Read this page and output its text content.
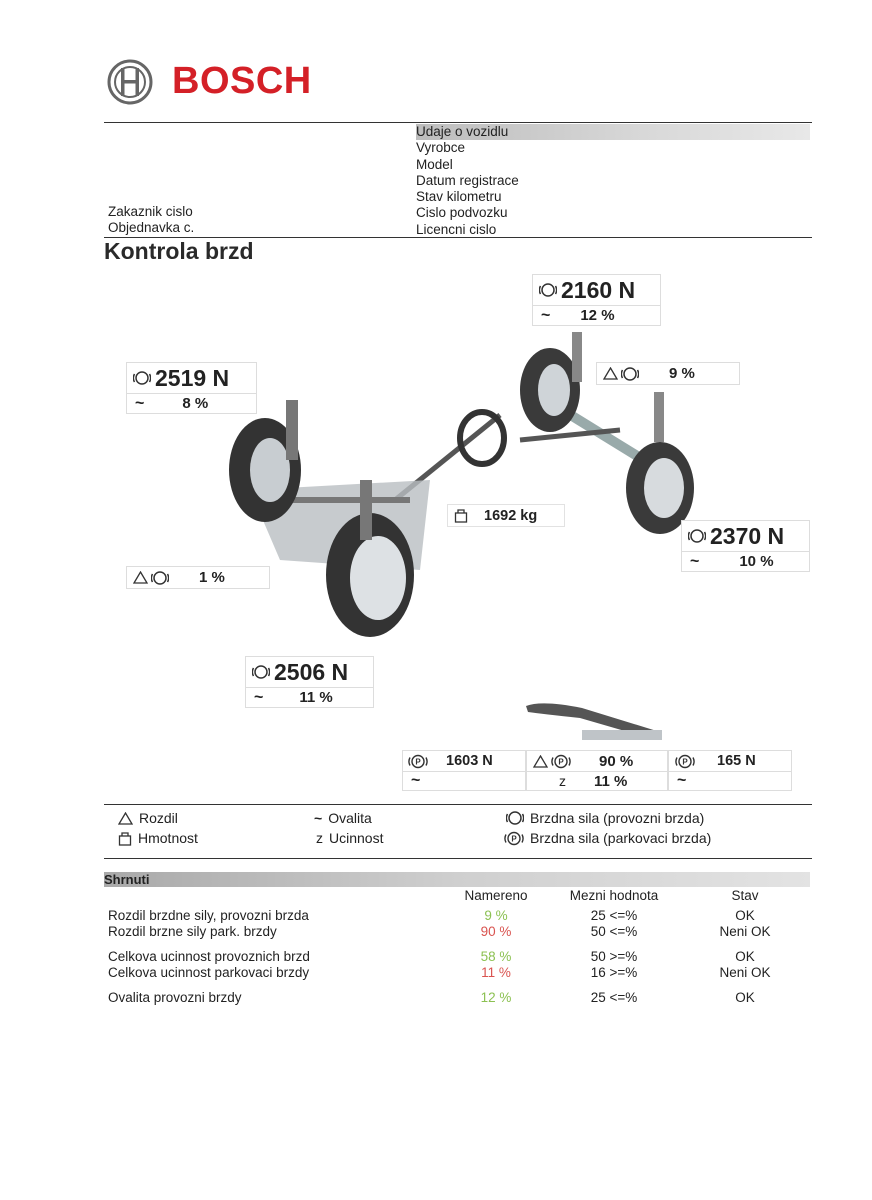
BOSCH
Udaje o vozidlu
Vyrobce
Model
Datum registrace
Stav kilometru
Cislo podvozku
Licencni cislo
Zakaznik cislo
Objednavka c.
Kontrola brzd
2160 N
~ 12 %
9 %
2519 N
~	8 %
1692 kg
2370 N
~	10 %
1 %
2506 N
~ 11 %
P 1603 N
~
P 90 %
z 11 %
P 165 N
~
Rozdil
Hmotnost
~ Ovalita
z Ucinnost
Brzdna sila (provozni brzda)
P Brzdna sila (parkovaci brzda)
Shrnuti
Namereno	Mezni hodnota	Stav
Rozdil brzdne sily, provozni brzda	9 %	25 <=%	OK
Rozdil brzne sily park. brzdy	90 %	50 <=%	Neni OK
Celkova ucinnost provoznich brzd	58 %	50 >=%	OK
Celkova ucinnost parkovaci brzdy	11 %	16 >=%	Neni OK
Ovalita provozni brzdy	12 %	25 <=%	OK
